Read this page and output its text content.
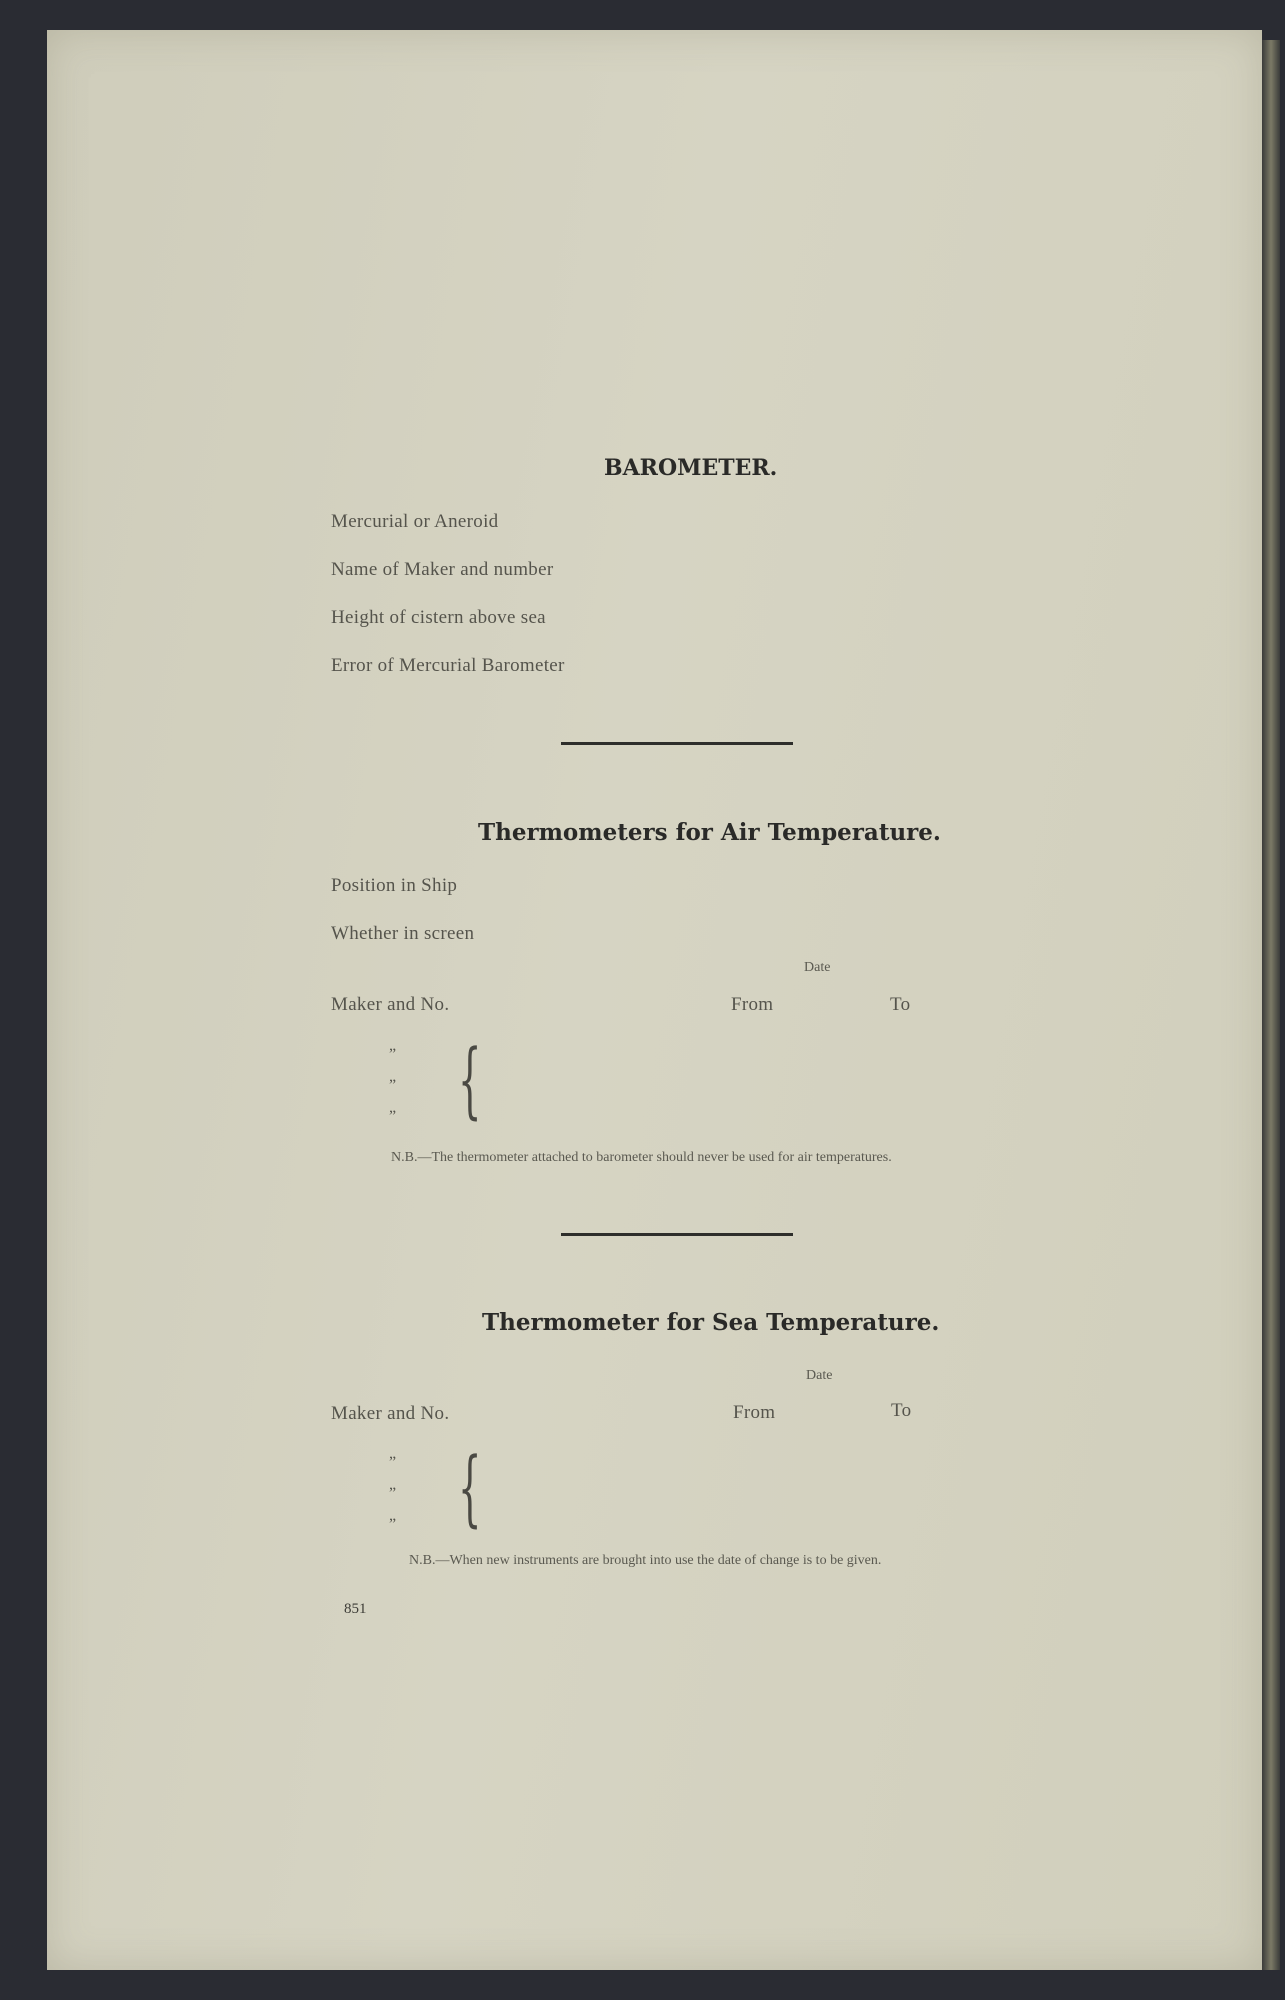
BAROMETER.
Mercurial or Aneroid
Name of Maker and number
Height of cistern above sea
Error of Mercurial Barometer
Thermometers for Air Temperature.
Position in Ship
Whether in screen
Date
Maker and No.	From	To
”
”
” {
N.B.—The thermometer attached to barometer should never be used for air temperatures.
Thermometer for Sea Temperature.
Date
Maker and No.	From	To
”
”
” {
N.B.—When new instruments are brought into use the date of change is to be given.
851
